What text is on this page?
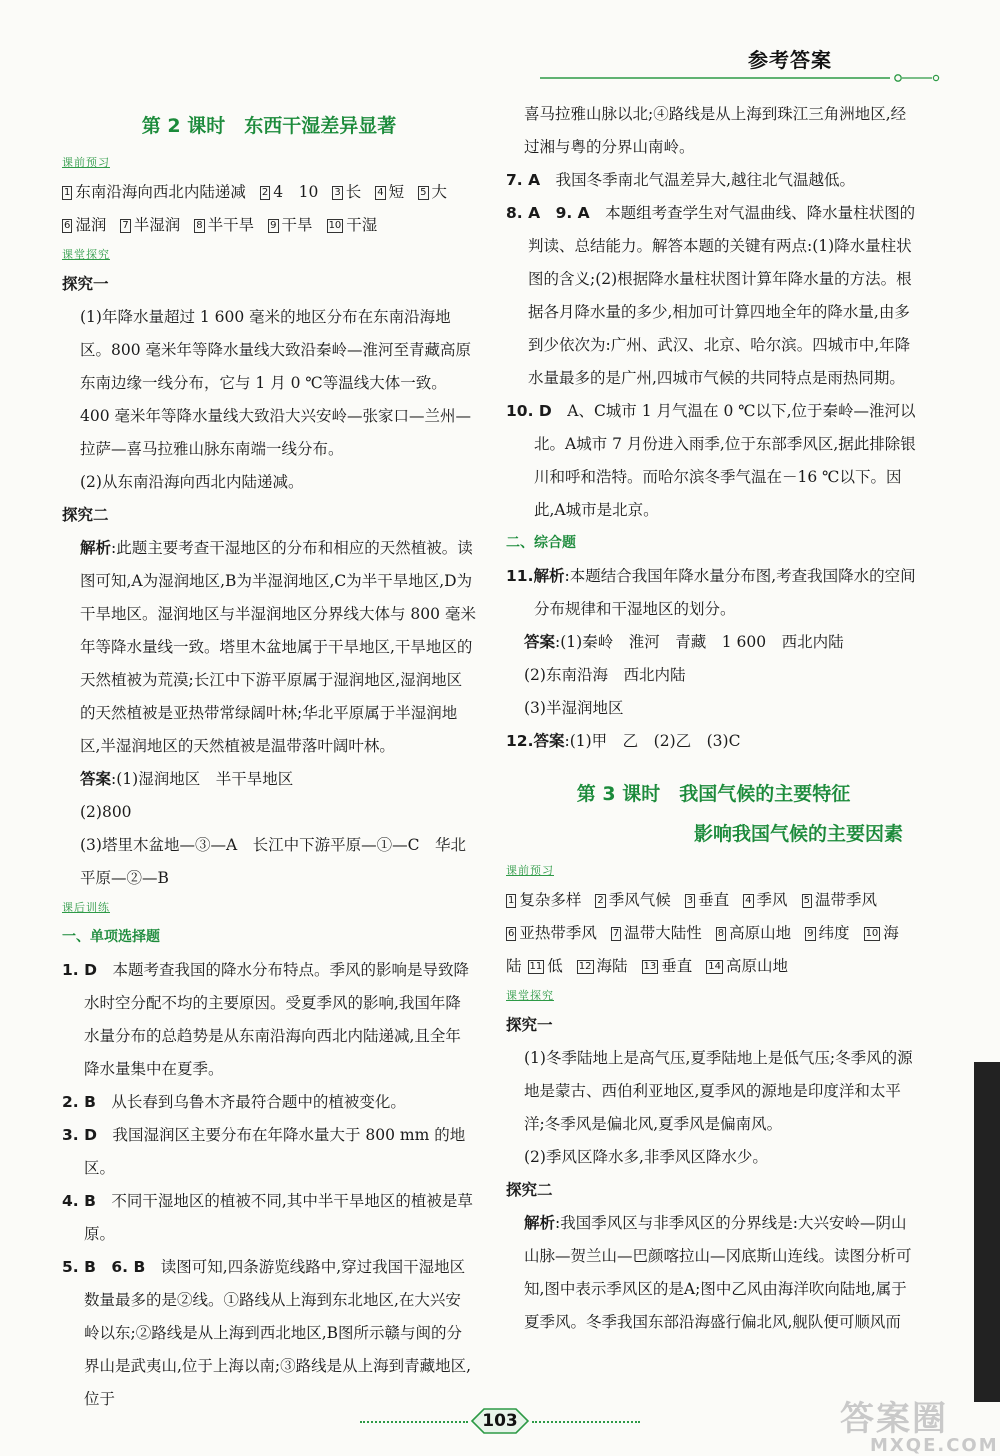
参考答案
第 2 课时　东西干湿差异显著
课前预习
1 东南沿海向西北内陆递减 2 4　10 3 长 4 短 5 大
6 湿润 7 半湿润 8 半干旱 9 干旱 10 干湿
课堂探究
探究一
(1)年降水量超过 1 600 毫米的地区分布在东南沿海地区。800 毫米年等降水量线大致沿秦岭—淮河至青藏高原东南边缘一线分布，它与 1 月 0 ℃等温线大体一致。400 毫米年等降水量线大致沿大兴安岭—张家口—兰州—拉萨—喜马拉雅山脉东南端一线分布。
(2)从东南沿海向西北内陆递减。
探究二
解析:此题主要考查干湿地区的分布和相应的天然植被。读图可知,A为湿润地区,B为半湿润地区,C为半干旱地区,D为干旱地区。湿润地区与半湿润地区分界线大体与 800 毫米年等降水量线一致。塔里木盆地属于干旱地区,干旱地区的天然植被为荒漠;长江中下游平原属于湿润地区,湿润地区的天然植被是亚热带常绿阔叶林;华北平原属于半湿润地区,半湿润地区的天然植被是温带落叶阔叶林。
答案:(1)湿润地区　半干旱地区
(2)800
(3)塔里木盆地—③—A　长江中下游平原—①—C　华北平原—②—B
课后训练
一、单项选择题
1. D　 本题考查我国的降水分布特点。季风的影响是导致降水时空分配不均的主要原因。受夏季风的影响,我国年降水量分布的总趋势是从东南沿海向西北内陆递减,且全年降水量集中在夏季。
2. B　 从长春到乌鲁木齐最符合题中的植被变化。
3. D　 我国湿润区主要分布在年降水量大于 800 mm 的地区。
4. B　 不同干湿地区的植被不同,其中半干旱地区的植被是草原。
5. B　6. B　 读图可知,四条游览线路中,穿过我国干湿地区数量最多的是②线。①路线从上海到东北地区,在大兴安岭以东;②路线是从上海到西北地区,B图所示赣与闽的分界山是武夷山,位于上海以南;③路线是从上海到青藏地区,位于
喜马拉雅山脉以北;④路线是从上海到珠江三角洲地区,经过湘与粤的分界山南岭。
7. A　 我国冬季南北气温差异大,越往北气温越低。
8. A　9. A　 本题组考查学生对气温曲线、降水量柱状图的判读、总结能力。解答本题的关键有两点:(1)降水量柱状图的含义;(2)根据降水量柱状图计算年降水量的方法。根据各月降水量的多少,相加可计算四地全年的降水量,由多到少依次为:广州、武汉、北京、哈尔滨。四城市中,年降水量最多的是广州,四城市气候的共同特点是雨热同期。
10. D　 A、C城市 1 月气温在 0 ℃以下,位于秦岭—淮河以北。A城市 7 月份进入雨季,位于东部季风区,据此排除银川和呼和浩特。而哈尔滨冬季气温在－16 ℃以下。因此,A城市是北京。
二、综合题
11.解析:本题结合我国年降水量分布图,考查我国降水的空间分布规律和干湿地区的划分。
答案:(1)秦岭　淮河　青藏　1 600　西北内陆
(2)东南沿海　西北内陆
(3)半湿润地区
12.答案:(1)甲　乙　(2)乙　(3)C
第 3 课时　我国气候的主要特征
影响我国气候的主要因素
课前预习
1 复杂多样 2 季风气候 3 垂直 4 季风 5 温带季风
6 亚热带季风 7 温带大陆性 8 高原山地 9 纬度 10 海
陆 11 低 12 海陆 13 垂直 14 高原山地
课堂探究
探究一
(1)冬季陆地上是高气压,夏季陆地上是低气压;冬季风的源地是蒙古、西伯利亚地区,夏季风的源地是印度洋和太平洋;冬季风是偏北风,夏季风是偏南风。
(2)季风区降水多,非季风区降水少。
探究二
解析:我国季风区与非季风区的分界线是:大兴安岭—阴山山脉—贺兰山—巴颜喀拉山—冈底斯山连线。读图分析可知,图中表示季风区的是A;图中乙风由海洋吹向陆地,属于夏季风。冬季我国东部沿海盛行偏北风,舰队便可顺风而
103	答案圈
MXQE.COM
